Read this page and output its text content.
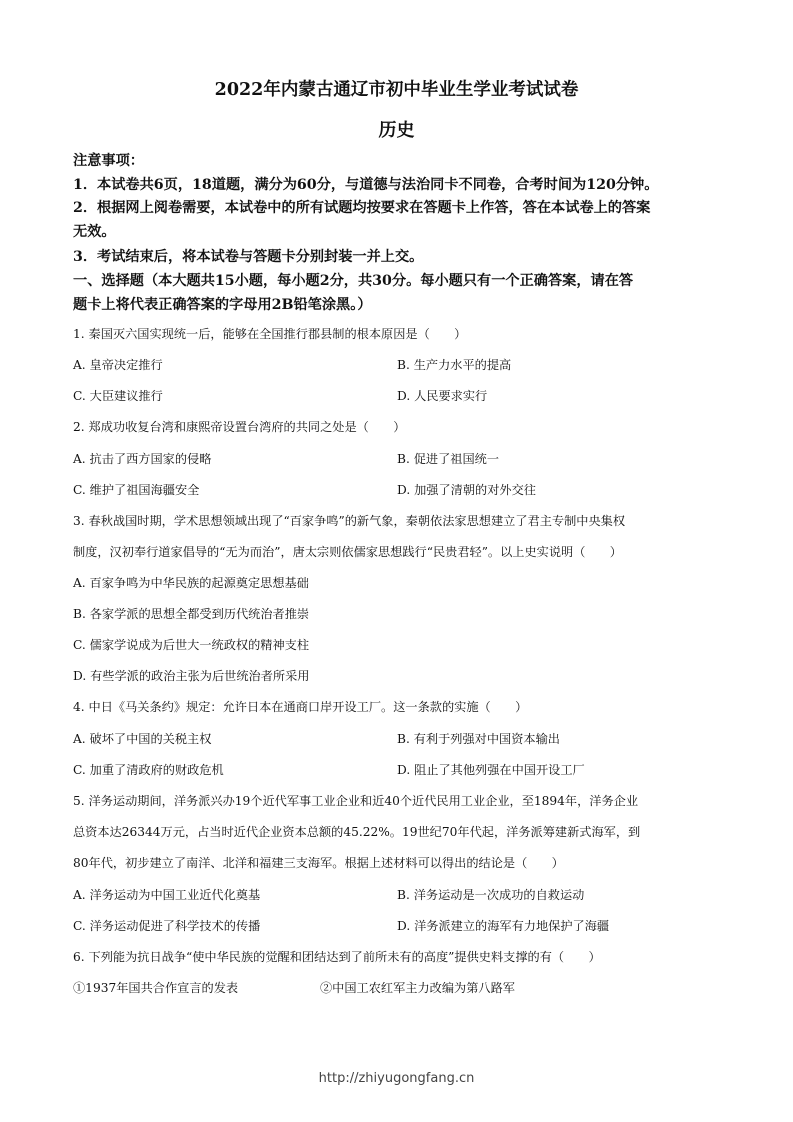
2022年内蒙古通辽市初中毕业生学业考试试卷
历史
注意事项：
1．本试卷共6页，18道题，满分为60分，与道德与法治同卡不同卷，合考时间为120分钟。
2．根据网上阅卷需要，本试卷中的所有试题均按要求在答题卡上作答，答在本试卷上的答案
无效。
3．考试结束后，将本试卷与答题卡分别封装一并上交。
一、选择题（本大题共15小题，每小题2分，共30分。每小题只有一个正确答案，请在答
题卡上将代表正确答案的字母用2B铅笔涂黑。）
1. 秦国灭六国实现统一后，能够在全国推行郡县制的根本原因是（　　）
A. 皇帝决定推行	B. 生产力水平的提高
C. 大臣建议推行	D. 人民要求实行
2. 郑成功收复台湾和康熙帝设置台湾府的共同之处是（　　）
A. 抗击了西方国家的侵略	B. 促进了祖国统一
C. 维护了祖国海疆安全	D. 加强了清朝的对外交往
3. 春秋战国时期，学术思想领域出现了“百家争鸣”的新气象，秦朝依法家思想建立了君主专制中央集权
制度，汉初奉行道家倡导的“无为而治”，唐太宗则依儒家思想践行“民贵君轻”。以上史实说明（　　）
A. 百家争鸣为中华民族的起源奠定思想基础
B. 各家学派的思想全都受到历代统治者推崇
C. 儒家学说成为后世大一统政权的精神支柱
D. 有些学派的政治主张为后世统治者所采用
4. 中日《马关条约》规定：允许日本在通商口岸开设工厂。这一条款的实施（　　）
A. 破坏了中国的关税主权	B. 有利于列强对中国资本输出
C. 加重了清政府的财政危机	D. 阻止了其他列强在中国开设工厂
5. 洋务运动期间，洋务派兴办19个近代军事工业企业和近40个近代民用工业企业，至1894年，洋务企业
总资本达26344万元，占当时近代企业资本总额的45.22%。19世纪70年代起，洋务派筹建新式海军，到
80年代，初步建立了南洋、北洋和福建三支海军。根据上述材料可以得出的结论是（　　）
A. 洋务运动为中国工业近代化奠基	B. 洋务运动是一次成功的自救运动
C. 洋务运动促进了科学技术的传播	D. 洋务派建立的海军有力地保护了海疆
6. 下列能为抗日战争“使中华民族的觉醒和团结达到了前所未有的高度”提供史料支撑的有（　　）
①1937年国共合作宣言的发表	②中国工农红军主力改编为第八路军
http://zhiyugongfang.cn
